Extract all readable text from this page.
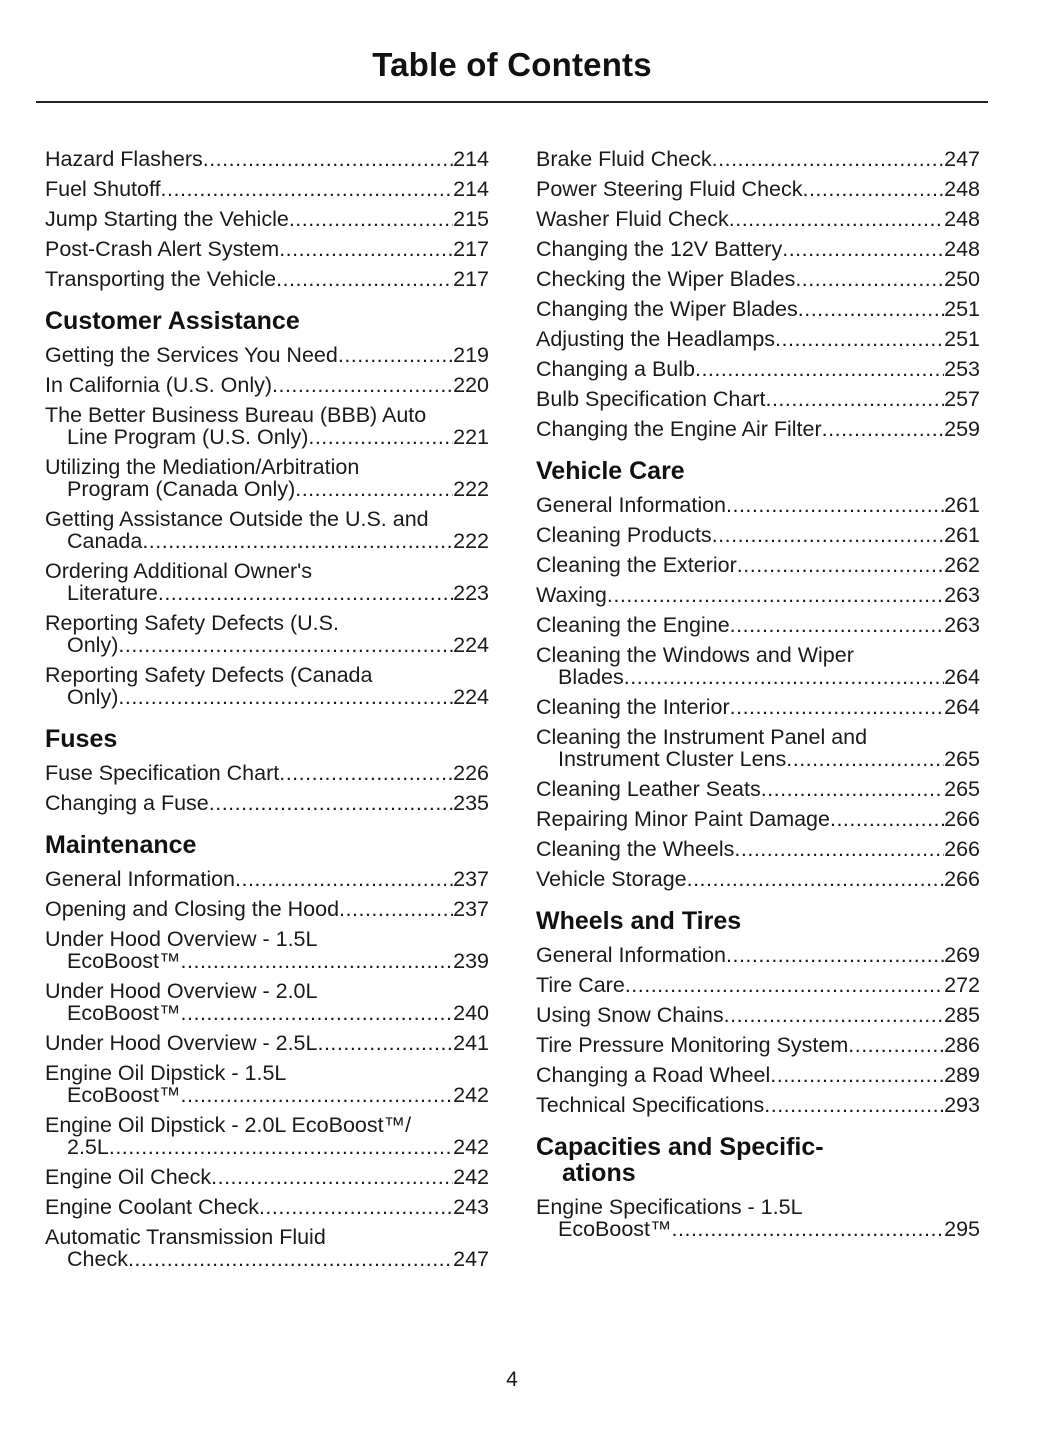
Table of Contents
Hazard Flashers .....	214
Fuel Shutoff .....	214
Jump Starting the Vehicle .....	215
Post-Crash Alert System .....	217
Transporting the Vehicle .....	217
Customer Assistance
Getting the Services You Need .....	219
In California (U.S. Only) .....	220
The Better Business Bureau (BBB) Auto
Line Program (U.S. Only) .....	221
Utilizing the Mediation/Arbitration
Program (Canada Only) .....	222
Getting Assistance Outside the U.S. and
Canada .....	222
Ordering Additional Owner's
Literature .....	223
Reporting Safety Defects (U.S.
Only) .....	224
Reporting Safety Defects (Canada
Only) .....	224
Fuses
Fuse Specification Chart .....	226
Changing a Fuse .....	235
Maintenance
General Information .....	237
Opening and Closing the Hood .....	237
Under Hood Overview - 1.5L
EcoBoost™ .....	239
Under Hood Overview - 2.0L
EcoBoost™ .....	240
Under Hood Overview - 2.5L .....	241
Engine Oil Dipstick - 1.5L
EcoBoost™ .....	242
Engine Oil Dipstick - 2.0L EcoBoost™/
2.5L .....	242
Engine Oil Check .....	242
Engine Coolant Check .....	243
Automatic Transmission Fluid
Check .....	247
Brake Fluid Check .....	247
Power Steering Fluid Check .....	248
Washer Fluid Check .....	248
Changing the 12V Battery .....	248
Checking the Wiper Blades .....	250
Changing the Wiper Blades .....	251
Adjusting the Headlamps .....	251
Changing a Bulb .....	253
Bulb Specification Chart .....	257
Changing the Engine Air Filter .....	259
Vehicle Care
General Information .....	261
Cleaning Products .....	261
Cleaning the Exterior .....	262
Waxing .....	263
Cleaning the Engine .....	263
Cleaning the Windows and Wiper
Blades .....	264
Cleaning the Interior .....	264
Cleaning the Instrument Panel and
Instrument Cluster Lens .....	265
Cleaning Leather Seats .....	265
Repairing Minor Paint Damage .....	266
Cleaning the Wheels .....	266
Vehicle Storage .....	266
Wheels and Tires
General Information .....	269
Tire Care .....	272
Using Snow Chains .....	285
Tire Pressure Monitoring System .....	286
Changing a Road Wheel .....	289
Technical Specifications .....	293
Capacities and Specific-
ations
Engine Specifications - 1.5L
EcoBoost™ .....	295
4
